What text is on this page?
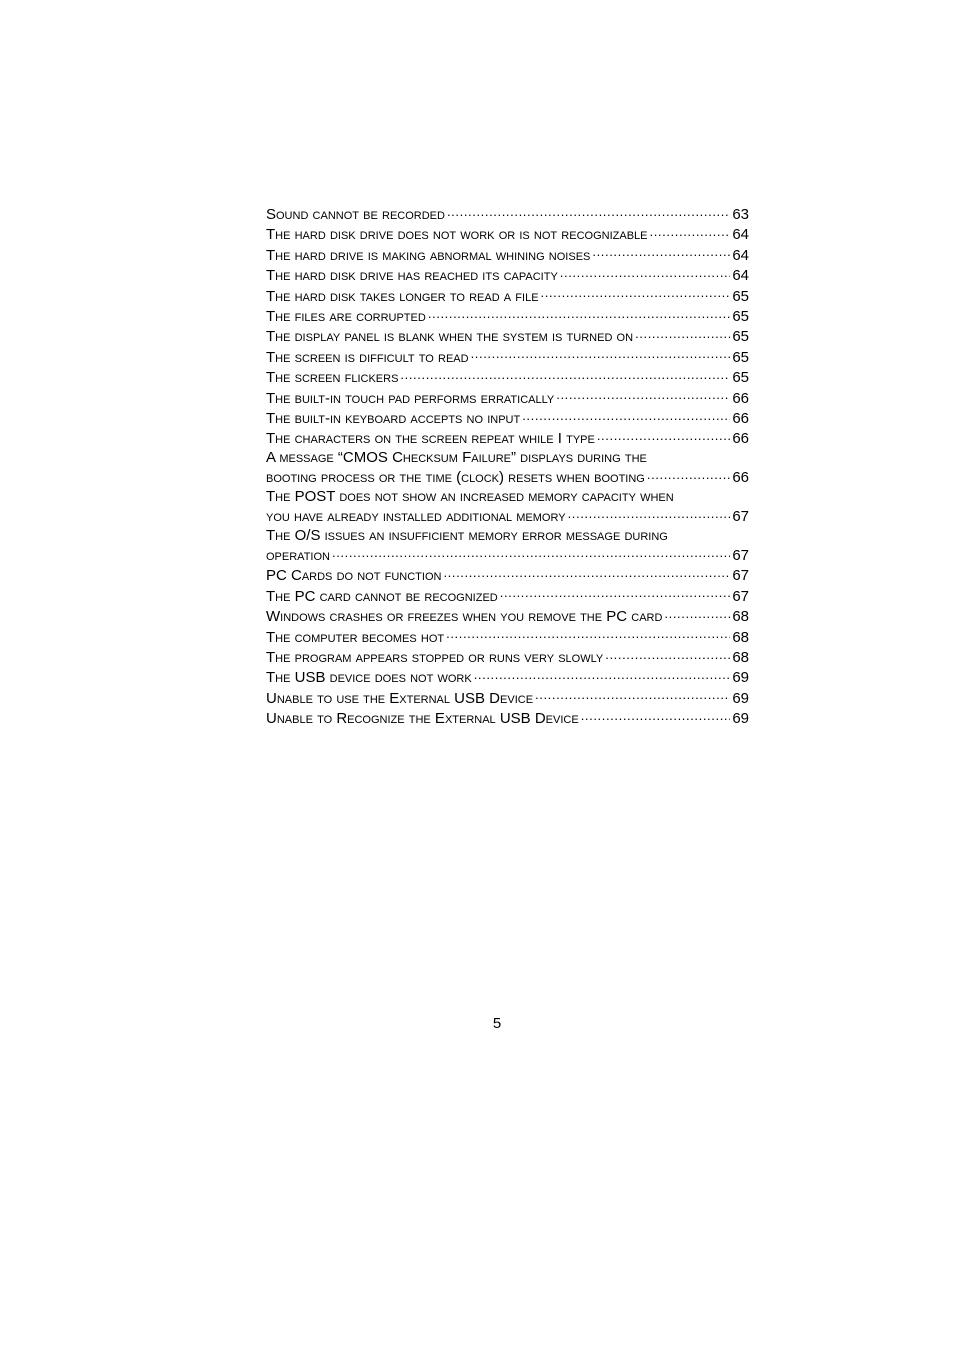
Sound cannot be recorded .....	63
The hard disk drive does not work or is not recognizable .....	64
The hard drive is making abnormal whining noises .....	64
The hard disk drive has reached its capacity .....	64
The hard disk takes longer to read a file .....	65
The files are corrupted .....	65
The display panel is blank when the system is turned on .....	65
The screen is difficult to read .....	65
The screen flickers .....	65
The built-in touch pad performs erratically .....	66
The built-in keyboard accepts no input .....	66
The characters on the screen repeat while I type .....	66
A message “CMOS Checksum Failure” displays during the
booting process or the time (clock) resets when booting .....	66
The POST does not show an increased memory capacity when
you have already installed additional memory .....	67
The O/S issues an insufficient memory error message during
operation .....	67
PC Cards do not function .....	67
The PC card cannot be recognized .....	67
Windows crashes or freezes when you remove the PC card .....	68
The computer becomes hot .....	68
The program appears stopped or runs very slowly .....	68
The USB device does not work .....	69
Unable to use the External USB Device .....	69
Unable to Recognize the External USB Device .....	69
5
